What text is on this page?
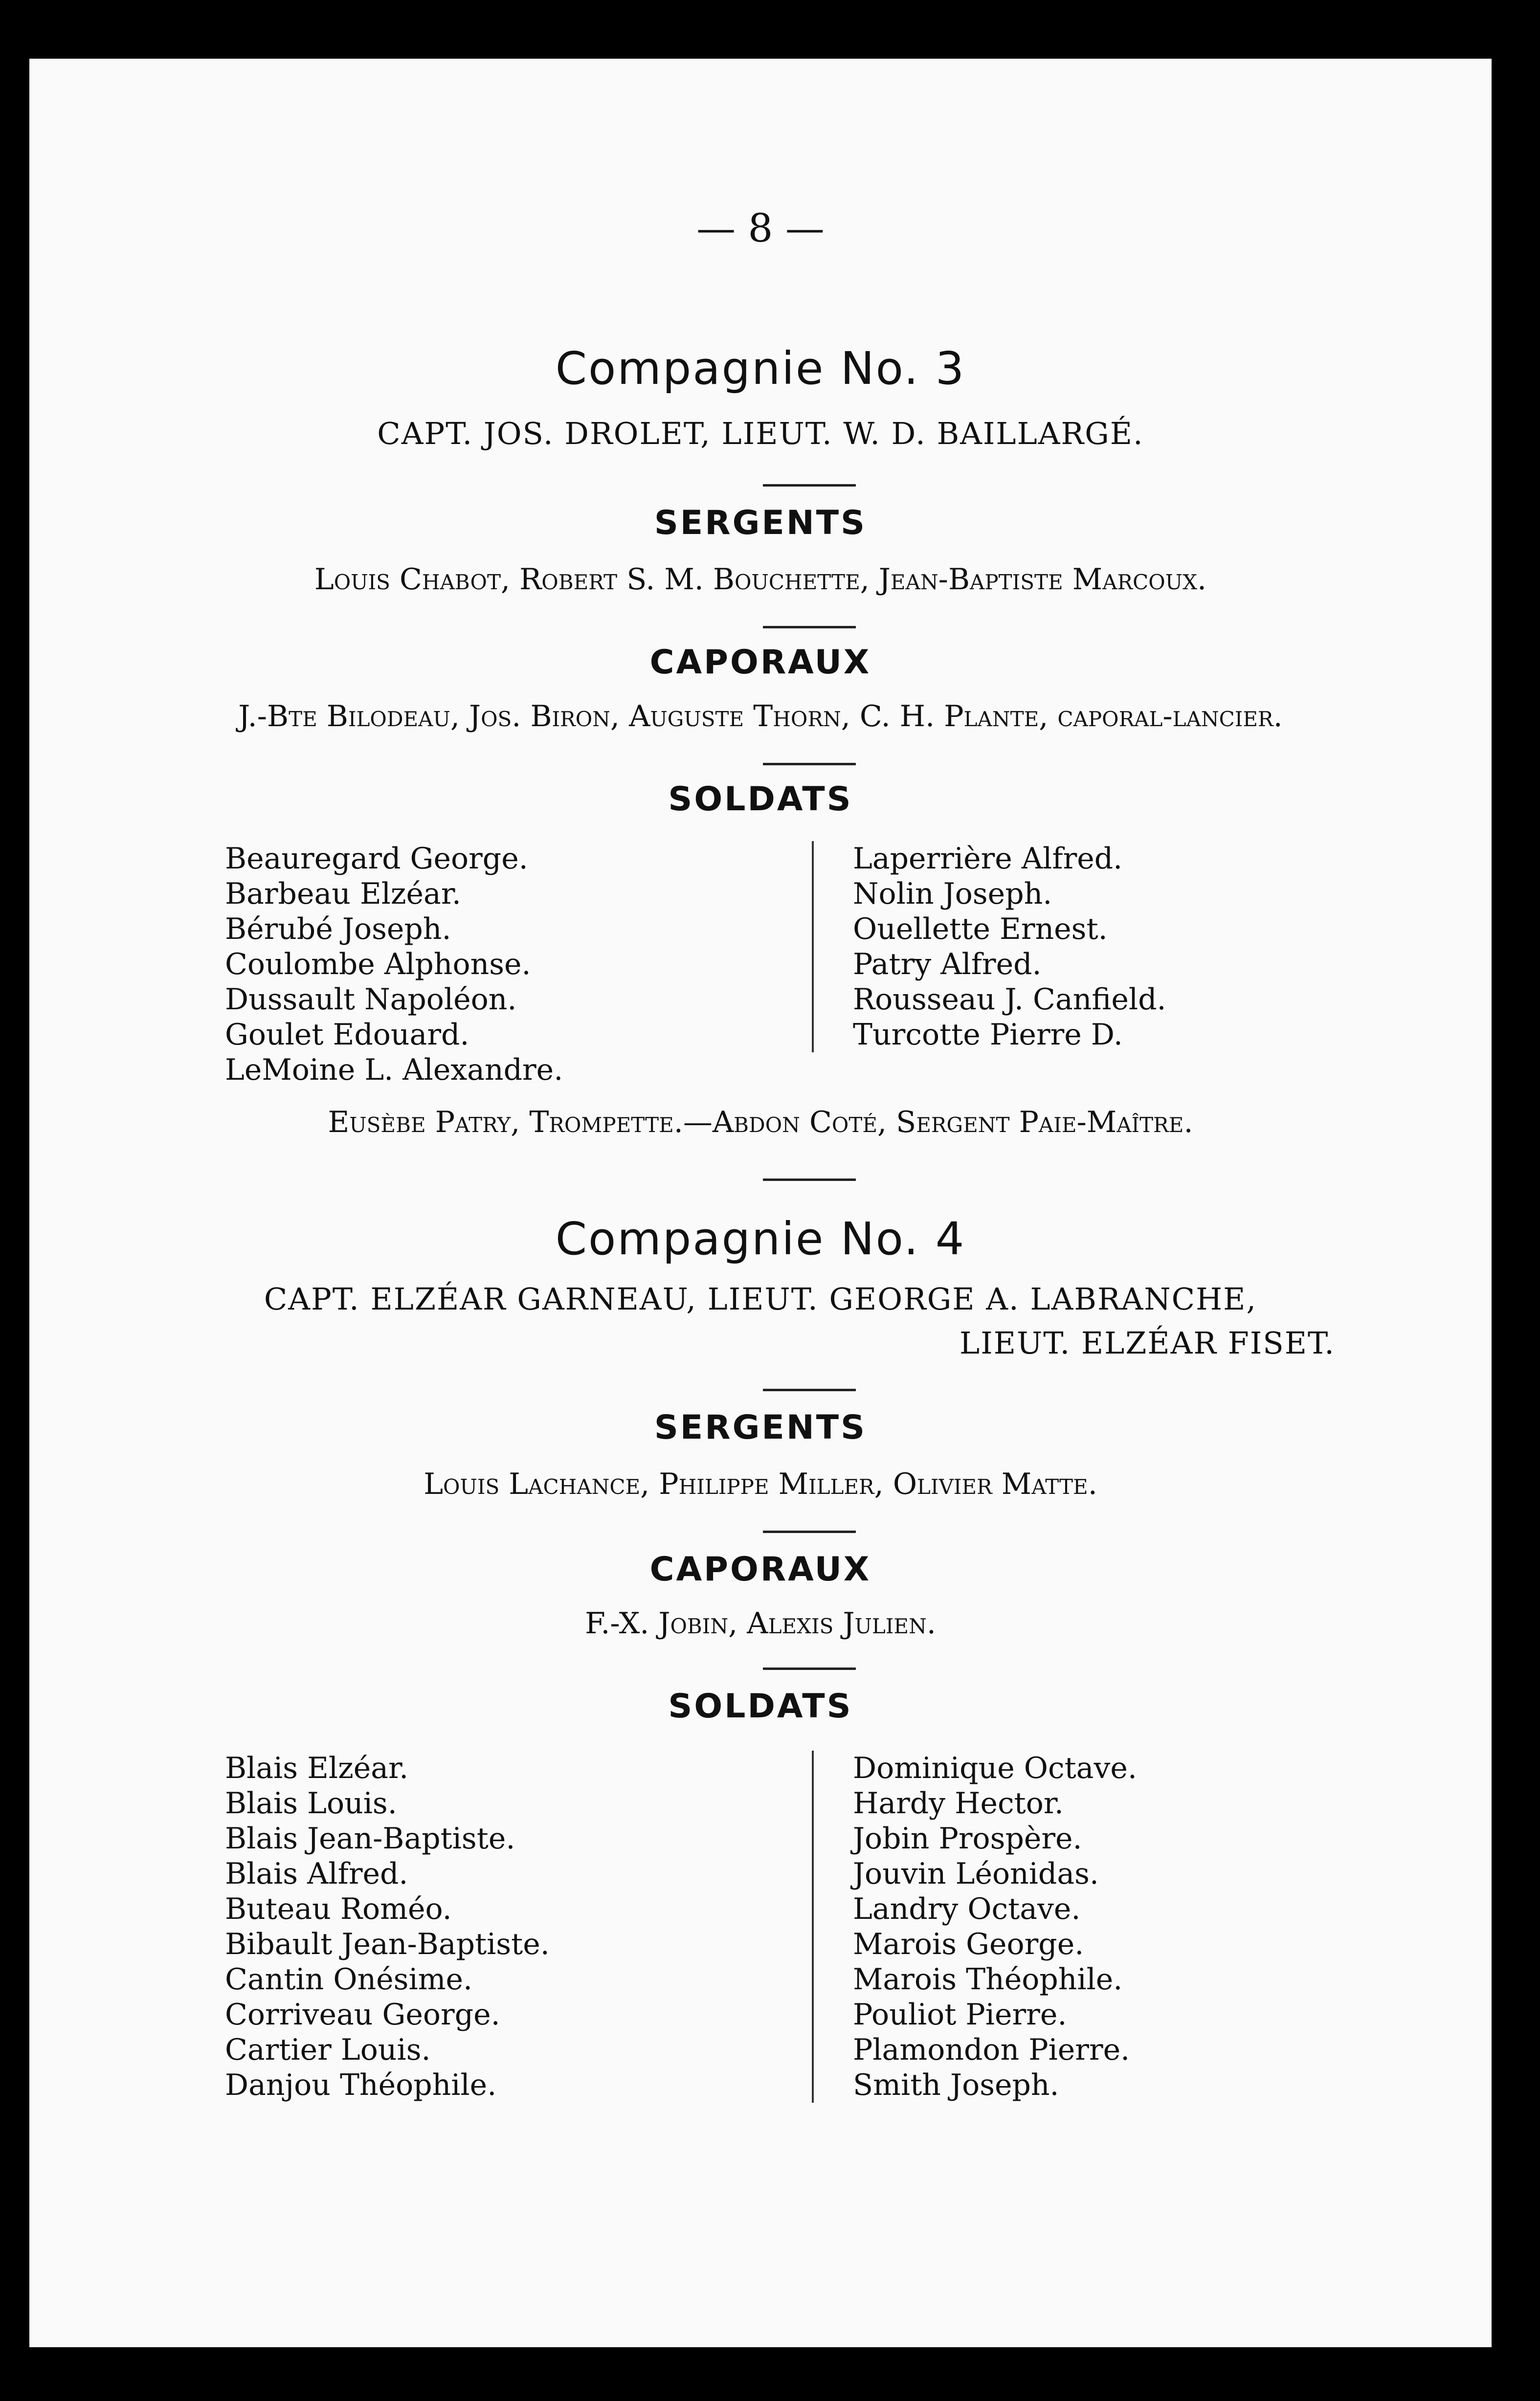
— 8 —
Compagnie No. 3
CAPT. JOS. DROLET, LIEUT. W. D. BAILLARGÉ.
SERGENTS
Louis Chabot, Robert S. M. Bouchette, Jean-Baptiste Marcoux.
CAPORAUX
J.-Bte Bilodeau, Jos. Biron, Auguste Thorn, C. H. Plante, caporal-lancier.
SOLDATS
Beauregard George.
Barbeau Elzéar.
Bérubé Joseph.
Coulombe Alphonse.
Dussault Napoléon.
Goulet Edouard.
LeMoine L. Alexandre.
Laperrière Alfred.
Nolin Joseph.
Ouellette Ernest.
Patry Alfred.
Rousseau J. Canfield.
Turcotte Pierre D.
Eusèbe Patry, Trompette.—Abdon Coté, Sergent Paie-Maître.
Compagnie No. 4
CAPT. ELZÉAR GARNEAU, LIEUT. GEORGE A. LABRANCHE,
LIEUT. ELZÉAR FISET.
SERGENTS
Louis Lachance, Philippe Miller, Olivier Matte.
CAPORAUX
F.-X. Jobin, Alexis Julien.
SOLDATS
Blais Elzéar.
Blais Louis.
Blais Jean-Baptiste.
Blais Alfred.
Buteau Roméo.
Bibault Jean-Baptiste.
Cantin Onésime.
Corriveau George.
Cartier Louis.
Danjou Théophile.
Dominique Octave.
Hardy Hector.
Jobin Prospère.
Jouvin Léonidas.
Landry Octave.
Marois George.
Marois Théophile.
Pouliot Pierre.
Plamondon Pierre.
Smith Joseph.
